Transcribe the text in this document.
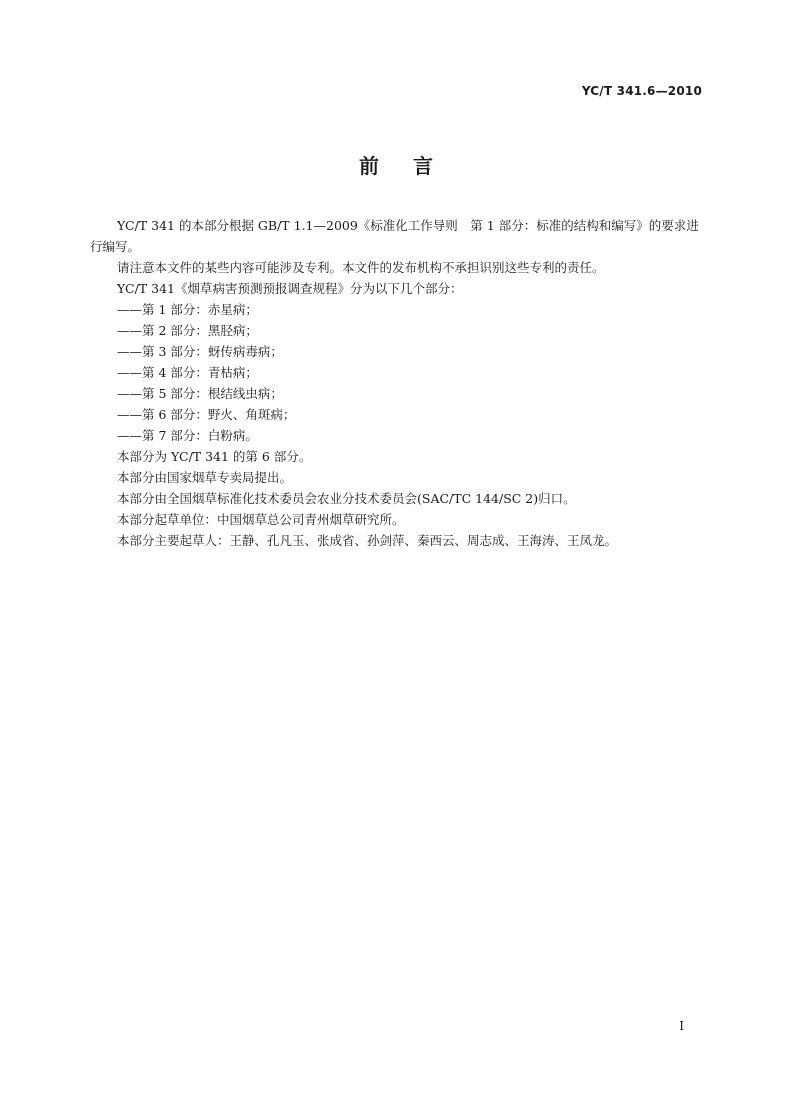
YC/T 341.6—2010
前言

YC/T 341 的本部分根据 GB/T 1.1—2009《标准化工作导则　第 1 部分：标准的结构和编写》的要求进行编写。

请注意本文件的某些内容可能涉及专利。本文件的发布机构不承担识别这些专利的责任。

YC/T 341《烟草病害预测预报调查规程》分为以下几个部分：

——第 1 部分：赤星病；
——第 2 部分：黑胫病；
——第 3 部分：蚜传病毒病；
——第 4 部分：青枯病；
——第 5 部分：根结线虫病；
——第 6 部分：野火、角斑病；
——第 7 部分：白粉病。

本部分为 YC/T 341 的第 6 部分。

本部分由国家烟草专卖局提出。

本部分由全国烟草标准化技术委员会农业分技术委员会(SAC/TC 144/SC 2)归口。

本部分起草单位：中国烟草总公司青州烟草研究所。

本部分主要起草人：王静、孔凡玉、张成省、孙剑萍、秦西云、周志成、王海涛、王凤龙。

I
